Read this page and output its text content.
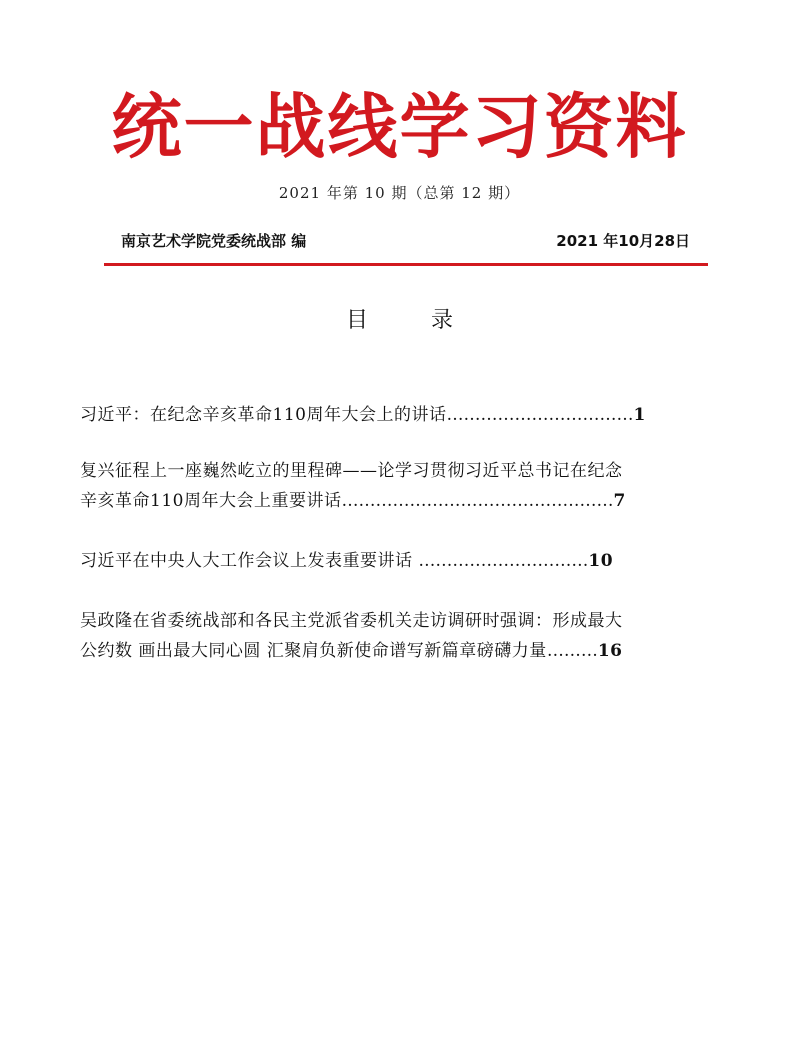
统一战线学习资料
2021 年第 10 期（总第 12 期）
南京艺术学院党委统战部 编	2021 年10月28日
目 录
习近平：在纪念辛亥革命110周年大会上的讲话……………………………1
复兴征程上一座巍然屹立的里程碑——论学习贯彻习近平总书记在纪念
辛亥革命110周年大会上重要讲话…………………………………………7
习近平在中央人大工作会议上发表重要讲话 …………………………10
吴政隆在省委统战部和各民主党派省委机关走访调研时强调：形成最大
公约数 画出最大同心圆 汇聚肩负新使命谱写新篇章磅礴力量………16
